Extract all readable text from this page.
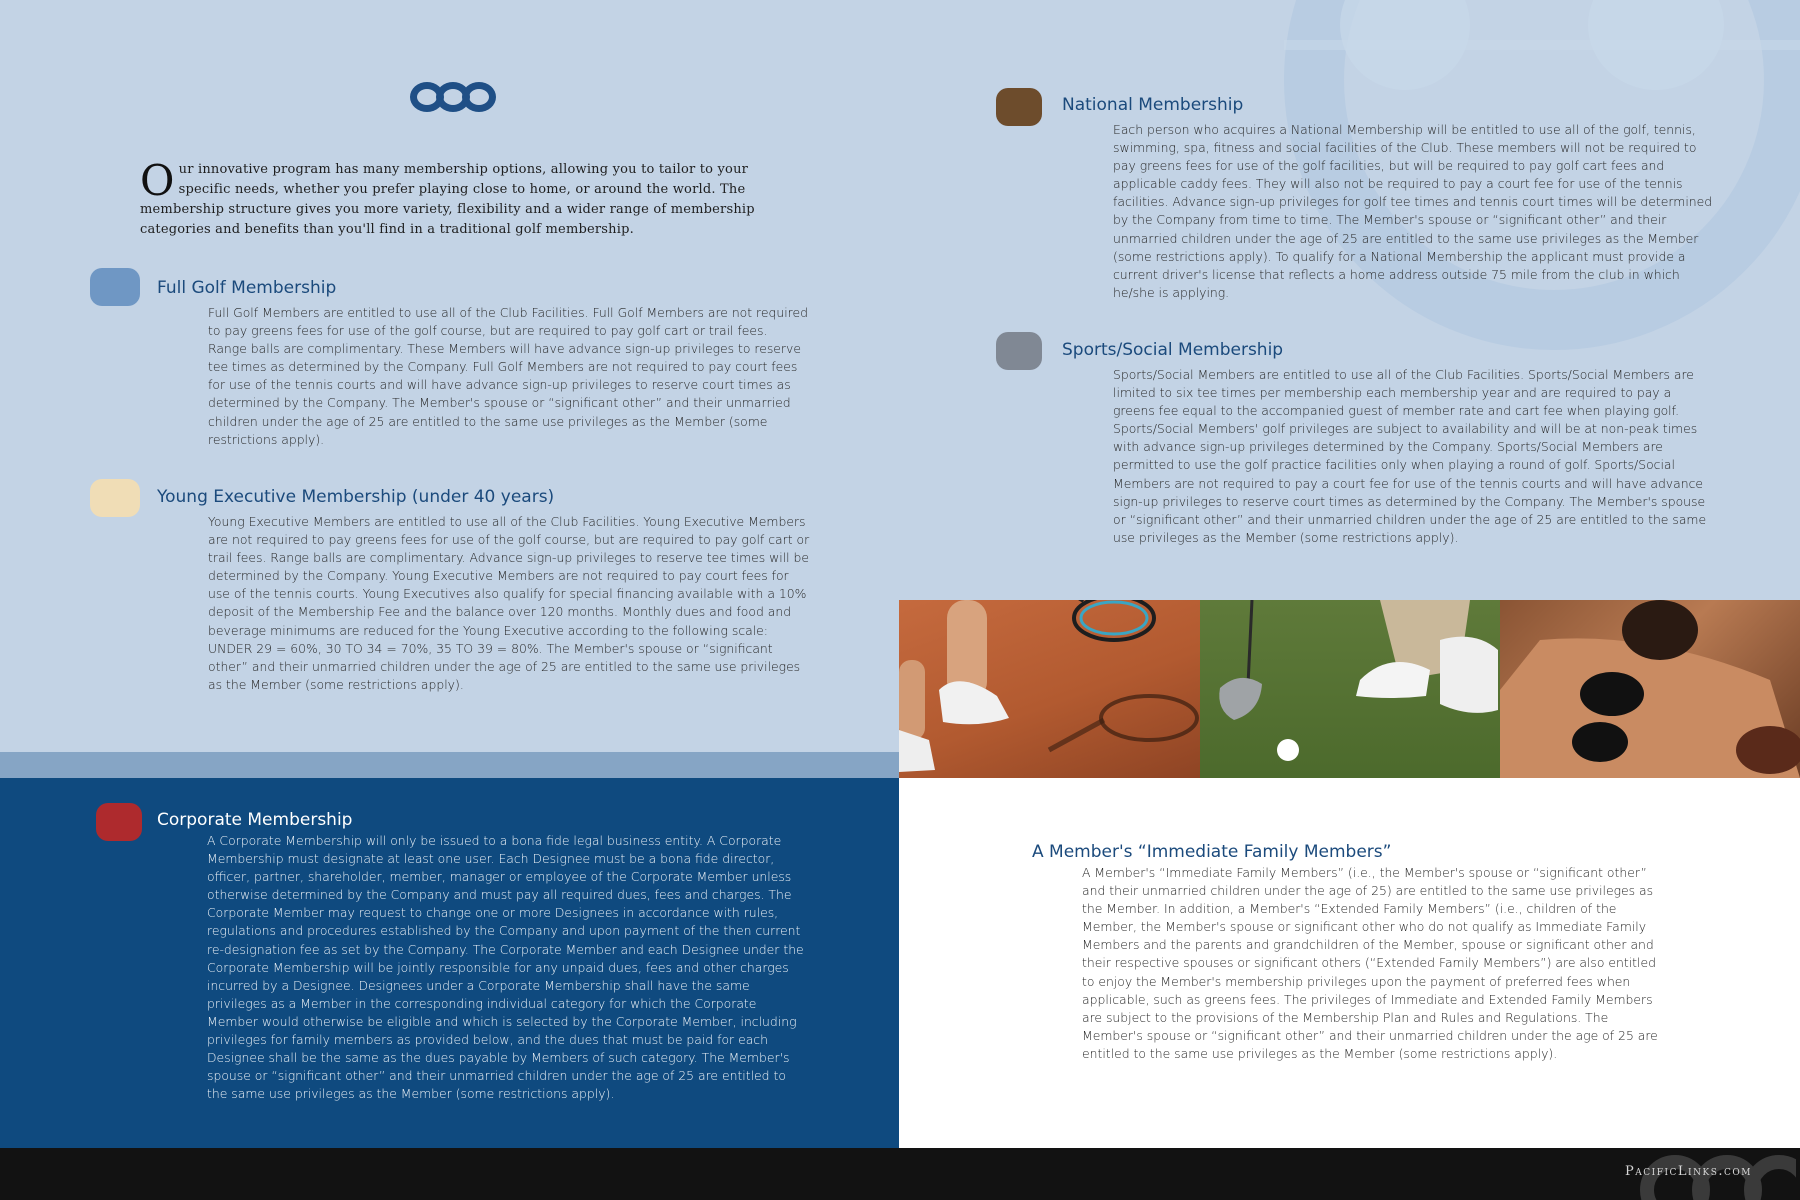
Our innovative program has many membership options, allowing you to tailor to your specific needs, whether you prefer playing close to home, or around the world. The membership structure gives you more variety, flexibility and a wider range of membership categories and benefits than you'll find in a traditional golf membership.
Full Golf Membership
Full Golf Members are entitled to use all of the Club Facilities. Full Golf Members are not required to pay greens fees for use of the golf course, but are required to pay golf cart or trail fees. Range balls are complimentary. These Members will have advance sign-up privileges to reserve tee times as determined by the Company. Full Golf Members are not required to pay court fees for use of the tennis courts and will have advance sign-up privileges to reserve court times as determined by the Company. The Member's spouse or “significant other” and their unmarried children under the age of 25 are entitled to the same use privileges as the Member (some restrictions apply).
Young Executive Membership (under 40 years)
Young Executive Members are entitled to use all of the Club Facilities. Young Executive Members are not required to pay greens fees for use of the golf course, but are required to pay golf cart or trail fees. Range balls are complimentary. Advance sign-up privileges to reserve tee times will be determined by the Company. Young Executive Members are not required to pay court fees for use of the tennis courts. Young Executives also qualify for special financing available with a 10% deposit of the Membership Fee and the balance over 120 months. Monthly dues and food and beverage minimums are reduced for the Young Executive according to the following scale: UNDER 29 = 60%, 30 TO 34 = 70%, 35 TO 39 = 80%. The Member's spouse or “significant other” and their unmarried children under the age of 25 are entitled to the same use privileges as the Member (some restrictions apply).
Corporate Membership
A Corporate Membership will only be issued to a bona fide legal business entity. A Corporate Membership must designate at least one user. Each Designee must be a bona fide director, officer, partner, shareholder, member, manager or employee of the Corporate Member unless otherwise determined by the Company and must pay all required dues, fees and charges. The Corporate Member may request to change one or more Designees in accordance with rules, regulations and procedures established by the Company and upon payment of the then current re-designation fee as set by the Company. The Corporate Member and each Designee under the Corporate Membership will be jointly responsible for any unpaid dues, fees and other charges incurred by a Designee. Designees under a Corporate Membership shall have the same privileges as a Member in the corresponding individual category for which the Corporate Member would otherwise be eligible and which is selected by the Corporate Member, including privileges for family members as provided below, and the dues that must be paid for each Designee shall be the same as the dues payable by Members of such category. The Member's spouse or “significant other” and their unmarried children under the age of 25 are entitled to the same use privileges as the Member (some restrictions apply).
National Membership
Each person who acquires a National Membership will be entitled to use all of the golf, tennis, swimming, spa, fitness and social facilities of the Club. These members will not be required to pay greens fees for use of the golf facilities, but will be required to pay golf cart fees and applicable caddy fees. They will also not be required to pay a court fee for use of the tennis facilities. Advance sign-up privileges for golf tee times and tennis court times will be determined by the Company from time to time. The Member's spouse or “significant other” and their unmarried children under the age of 25 are entitled to the same use privileges as the Member (some restrictions apply). To qualify for a National Membership the applicant must provide a current driver's license that reflects a home address outside 75 mile from the club in which he/she is applying.
Sports/Social Membership
Sports/Social Members are entitled to use all of the Club Facilities. Sports/Social Members are limited to six tee times per membership each membership year and are required to pay a greens fee equal to the accompanied guest of member rate and cart fee when playing golf. Sports/Social Members' golf privileges are subject to availability and will be at non-peak times with advance sign-up privileges determined by the Company. Sports/Social Members are permitted to use the golf practice facilities only when playing a round of golf. Sports/Social Members are not required to pay a court fee for use of the tennis courts and will have advance sign-up privileges to reserve court times as determined by the Company. The Member's spouse or “significant other” and their unmarried children under the age of 25 are entitled to the same use privileges as the Member (some restrictions apply).
A Member's “Immediate Family Members”
A Member's “Immediate Family Members” (i.e., the Member's spouse or “significant other” and their unmarried children under the age of 25) are entitled to the same use privileges as the Member. In addition, a Member's “Extended Family Members” (i.e., children of the Member, the Member's spouse or significant other who do not qualify as Immediate Family Members and the parents and grandchildren of the Member, spouse or significant other and their respective spouses or significant others (“Extended Family Members”) are also entitled to enjoy the Member's membership privileges upon the payment of preferred fees when applicable, such as greens fees. The privileges of Immediate and Extended Family Members are subject to the provisions of the Membership Plan and Rules and Regulations. The Member's spouse or “significant other” and their unmarried children under the age of 25 are entitled to the same use privileges as the Member (some restrictions apply).
PacificLinks.com
